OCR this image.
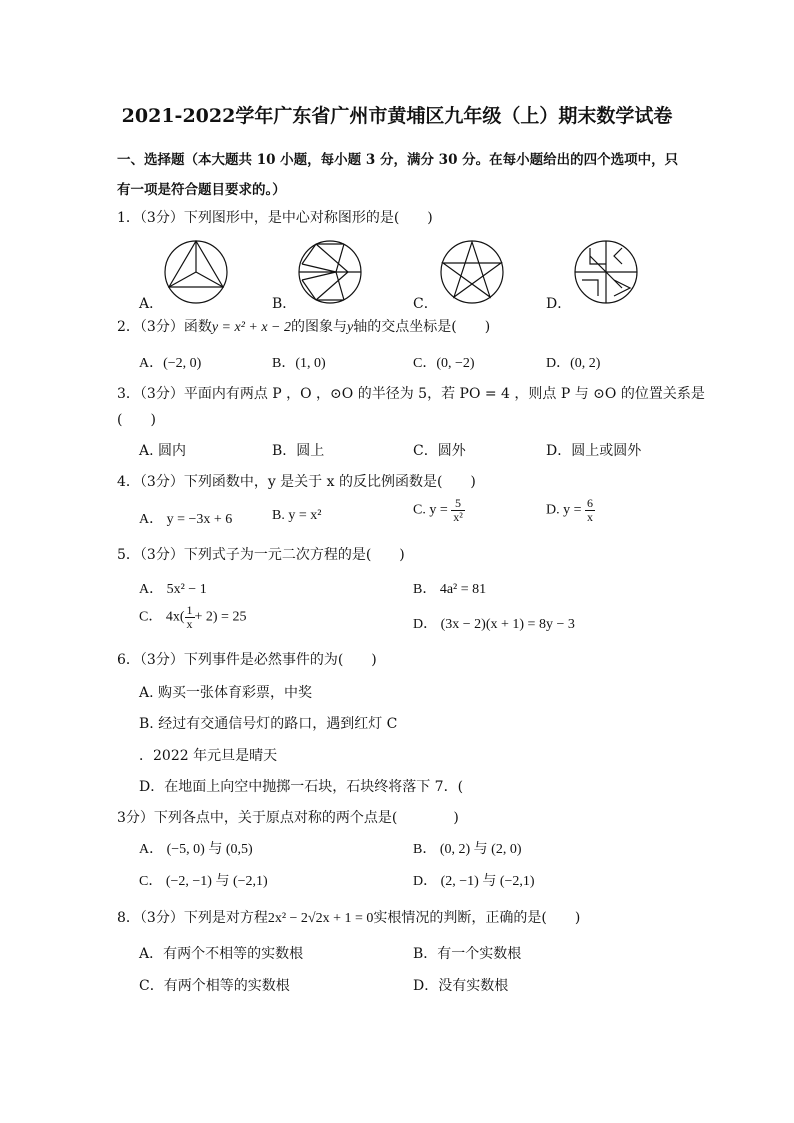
2021-2022学年广东省广州市黄埔区九年级（上）期末数学试卷
一、选择题（本大题共 10 小题，每小题 3 分，满分 30 分。在每小题给出的四个选项中，只
有一项是符合题目要求的。）
1．（3分）下列图形中，是中心对称图形的是(　　)
A．	B．	C．	D．
2．（3分）函数y = x² + x − 2的图象与y轴的交点坐标是(　　)
A．(−2, 0)	B．(1, 0)	C．(0, −2)	D．(0, 2)
3．（3分）平面内有两点 P ，O ，⊙O 的半径为 5，若 PO = 4 ，则点 P 与 ⊙O 的位置关系是
(　　)
A. 圆内	B．圆上	C．圆外	D．圆上或圆外
4．（3分）下列函数中，y 是关于 x 的反比例函数是(　　)
A． y = −3x + 6	B. y = x²	C. $y = \frac{5}{\text{x²}}$	D. $y = \frac{6}{x}$
5．（3分）下列式子为一元二次方程的是(　　)
A． 5x² − 1	B． 4a² = 81
C． $4x( \frac{1}{x} + 2) = 25$	D． (3x − 2)(x + 1) = 8y − 3
6．（3分）下列事件是必然事件的为(　　)
A. 购买一张体育彩票，中奖
B. 经过有交通信号灯的路口，遇到红灯 C
．2022 年元旦是晴天
D．在地面上向空中抛掷一石块，石块终将落下 7．(
3分）下列各点中，关于原点对称的两个点是(　　　　)
A． (−5, 0) 与 (0,5)	B． (0, 2) 与 (2, 0)
C． (−2, −1) 与 (−2,1)	D． (2, −1) 与 (−2,1)
8．（3分）下列是对方程2x² − 2√2x + 1 = 0实根情况的判断，正确的是(　　)
A．有两个不相等的实数根	B．有一个实数根
C．有两个相等的实数根	D．没有实数根
